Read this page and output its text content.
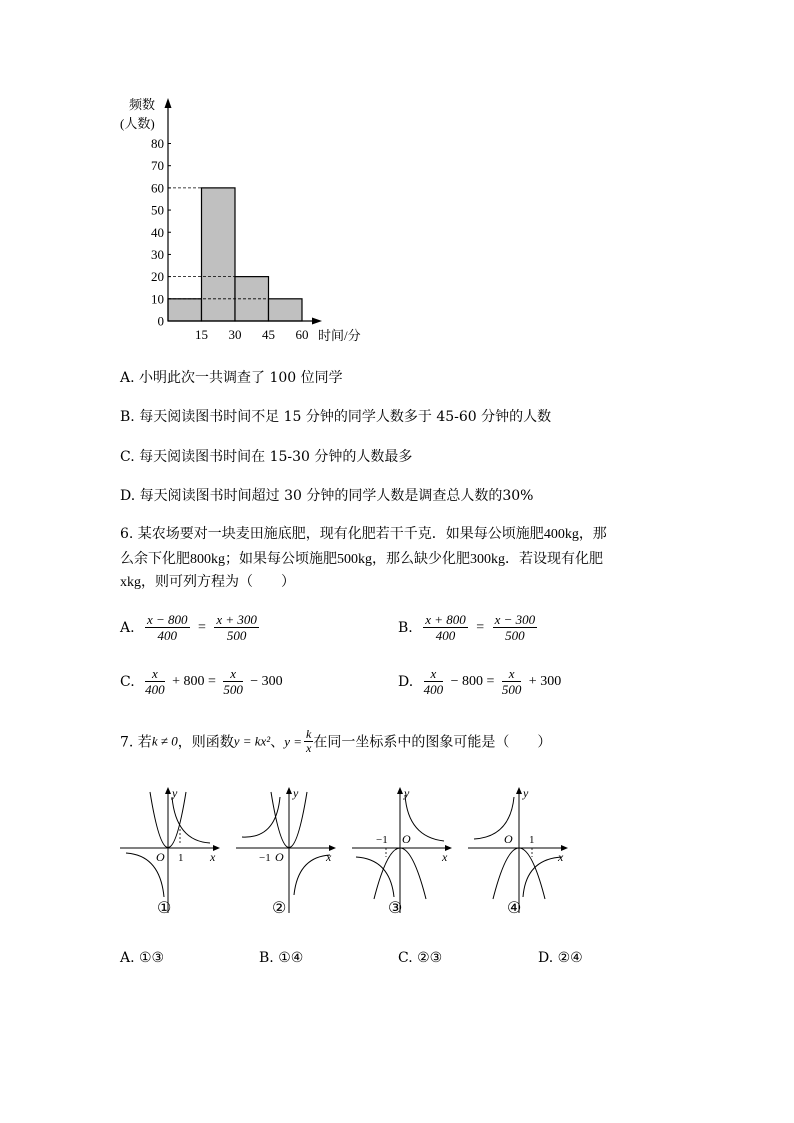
0
10
20
30
40
50
60
70
80
15 30 45 60
频数
(人数)
时间/分
A. 小明此次一共调查了 100 位同学
B. 每天阅读图书时间不足 15 分钟的同学人数多于 45-60 分钟的人数
C. 每天阅读图书时间在 15-30 分钟的人数最多
D. 每天阅读图书时间超过 30 分钟的同学人数是调查总人数的30%
6. 某农场要对一块麦田施底肥，现有化肥若干千克．如果每公顷施肥400kg，那
么余下化肥800kg；如果每公顷施肥500kg，那么缺少化肥300kg．若设现有化肥
xkg，则可列方程为（　　）
A. $\frac{x - 800}{400} = \frac{x + 300}{500}$	B. $\frac{x + 800}{400} = \frac{x - 300}{500}$
C. $\frac{x}{400} + 800 = \frac{x}{500} - 300$	D. $\frac{x}{400} - 800 = \frac{x}{500} + 300$
7. 若k ≠ 0，则函数y = kx²、$y = \frac{k}{x}$ 在同一坐标系中的图象可能是（　　）
x
y
O 1
①
x
y
−1 O
②
−1 O
x
y
③
O 1
x
y
④
A. ①③	B. ①④	C. ②③	D. ②④
